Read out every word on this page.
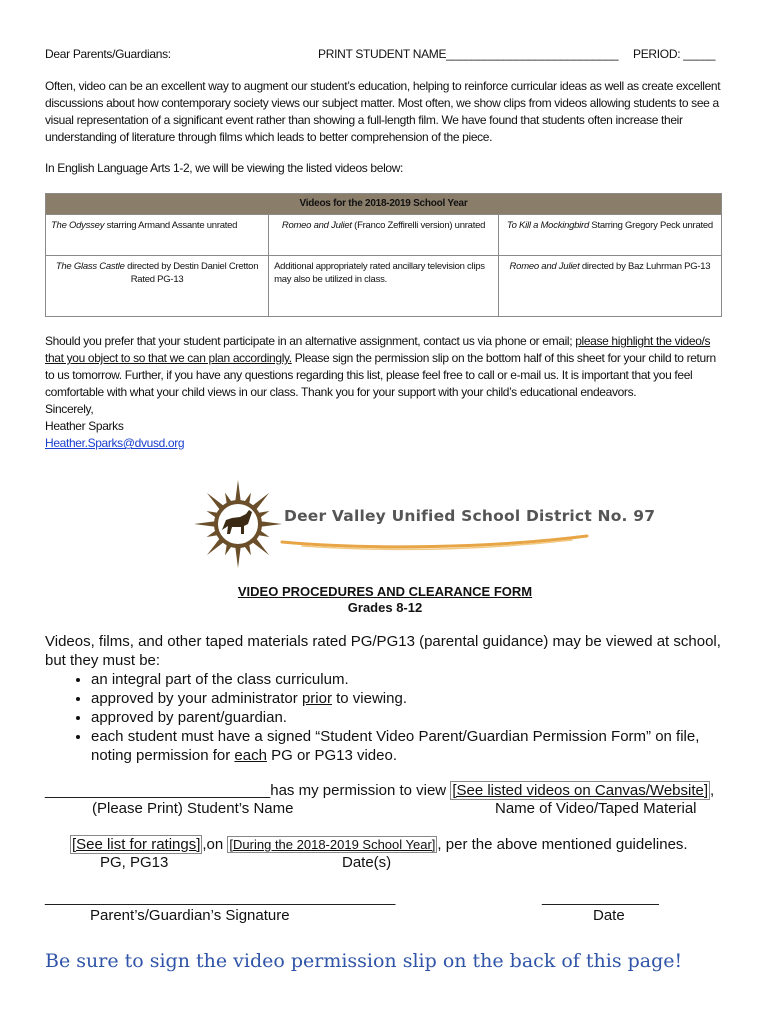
Dear Parents/Guardians:	PRINT STUDENT NAME___________________________ PERIOD: _____
Often, video can be an excellent way to augment our student’s education, helping to reinforce curricular ideas as well as create excellent discussions about how contemporary society views our subject matter. Most often, we show clips from videos allowing students to see a visual representation of a significant event rather than showing a full-length film. We have found that students often increase their understanding of literature through films which leads to better comprehension of the piece.
In English Language Arts 1-2, we will be viewing the listed videos below:
Videos for the 2018-2019 School Year		
The Odyssey starring Armand Assante unrated	Romeo and Juliet (Franco Zeffirelli version) unrated	To Kill a Mockingbird Starring Gregory Peck unrated
The Glass Castle directed by Destin Daniel Cretton Rated PG-13	Additional appropriately rated ancillary television clips may also be utilized in class.	Romeo and Juliet directed by Baz Luhrman PG-13
Should you prefer that your student participate in an alternative assignment, contact us via phone or email; please highlight the video/s that you object to so that we can plan accordingly. Please sign the permission slip on the bottom half of this sheet for your child to return to us tomorrow. Further, if you have any questions regarding this list, please feel free to call or e-mail us. It is important that you feel comfortable with what your child views in our class. Thank you for your support with your child’s educational endeavors.
Sincerely,
Heather Sparks
Heather.Sparks@dvusd.org
Deer Valley Unified School District No. 97
VIDEO PROCEDURES AND CLEARANCE FORM
Grades 8-12
Videos, films, and other taped materials rated PG/PG13 (parental guidance) may be viewed at school, but they must be:
• an integral part of the class curriculum.
• approved by your administrator prior to viewing.
• approved by parent/guardian.
• each student must have a signed “Student Video Parent/Guardian Permission Form” on file, noting permission for each PG or PG13 video.
___________________________has my permission to view [See listed videos on Canvas/Website] ,
(Please Print) Student’s Name	Name of Video/Taped Material
[See list for ratings] ,on [During the 2018-2019 School Year] , per the above mentioned guidelines.
PG, PG13	Date(s)
__________________________________________	______________
Parent’s/Guardian’s Signature	Date
Be sure to sign the video permission slip on the back of this page!
